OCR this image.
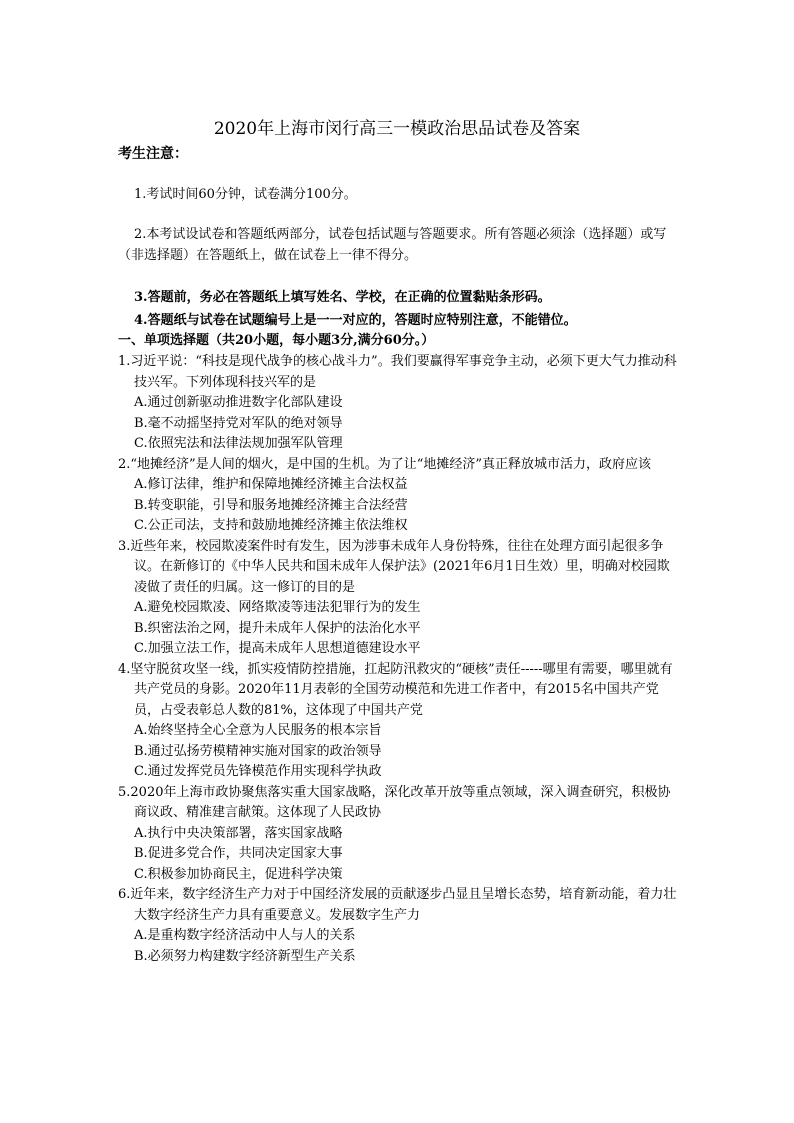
2020年上海市闵行高三一模政治思品试卷及答案
考生注意：

1.考试时间60分钟，试卷满分100分。

2.本考试设试卷和答题纸两部分，试卷包括试题与答题要求。所有答题必须涂（选择题）或写（非选择题）在答题纸上，做在试卷上一律不得分。

3.答题前，务必在答题纸上填写姓名、学校，在正确的位置黏贴条形码。

4.答题纸与试卷在试题编号上是一一对应的，答题时应特别注意，不能错位。

一、单项选择题（共20小题，每小题3分,满分60分。）

1.习近平说：“科技是现代战争的核心战斗力”。我们要赢得军事竞争主动，必须下更大气力推动科技兴军。下列体现科技兴军的是

A.通过创新驱动推进数字化部队建设

B.毫不动摇坚持党对军队的绝对领导

C.依照宪法和法律法规加强军队管理

2.“地摊经济”是人间的烟火，是中国的生机。为了让“地摊经济”真正释放城市活力，政府应该

A.修订法律，维护和保障地摊经济摊主合法权益

B.转变职能，引导和服务地摊经济摊主合法经营

C.公正司法，支持和鼓励地摊经济摊主依法维权

3.近些年来，校园欺凌案件时有发生，因为涉事未成年人身份特殊，往往在处理方面引起很多争议。在新修订的《中华人民共和国未成年人保护法》(2021年6月1日生效）里，明确对校园欺凌做了责任的归属。这一修订的目的是

A.避免校园欺凌、网络欺凌等违法犯罪行为的发生

B.织密法治之网，提升未成年人保护的法治化水平

C.加强立法工作，提高未成年人思想道德建设水平

4.坚守脱贫攻坚一线，抓实疫情防控措施，扛起防汛救灾的“硬核”责任-----哪里有需要，哪里就有共产党员的身影。2020年11月表彰的全国劳动模范和先进工作者中，有2015名中国共产党员，占受表彰总人数的81%，这体现了中国共产党

A.始终坚持全心全意为人民服务的根本宗旨

B.通过弘扬劳模精神实施对国家的政治领导

C.通过发挥党员先锋模范作用实现科学执政

5.2020年上海市政协聚焦落实重大国家战略，深化改革开放等重点领域，深入调查研究，积极协商议政、精准建言献策。这体现了人民政协

A.执行中央决策部署，落实国家战略

B.促进多党合作，共同决定国家大事

C.积极参加协商民主，促进科学决策

6.近年来，数字经济生产力对于中国经济发展的贡献逐步凸显且呈增长态势，培育新动能，着力壮大数字经济生产力具有重要意义。发展数字生产力

A.是重构数字经济活动中人与人的关系

B.必须努力构建数字经济新型生产关系
